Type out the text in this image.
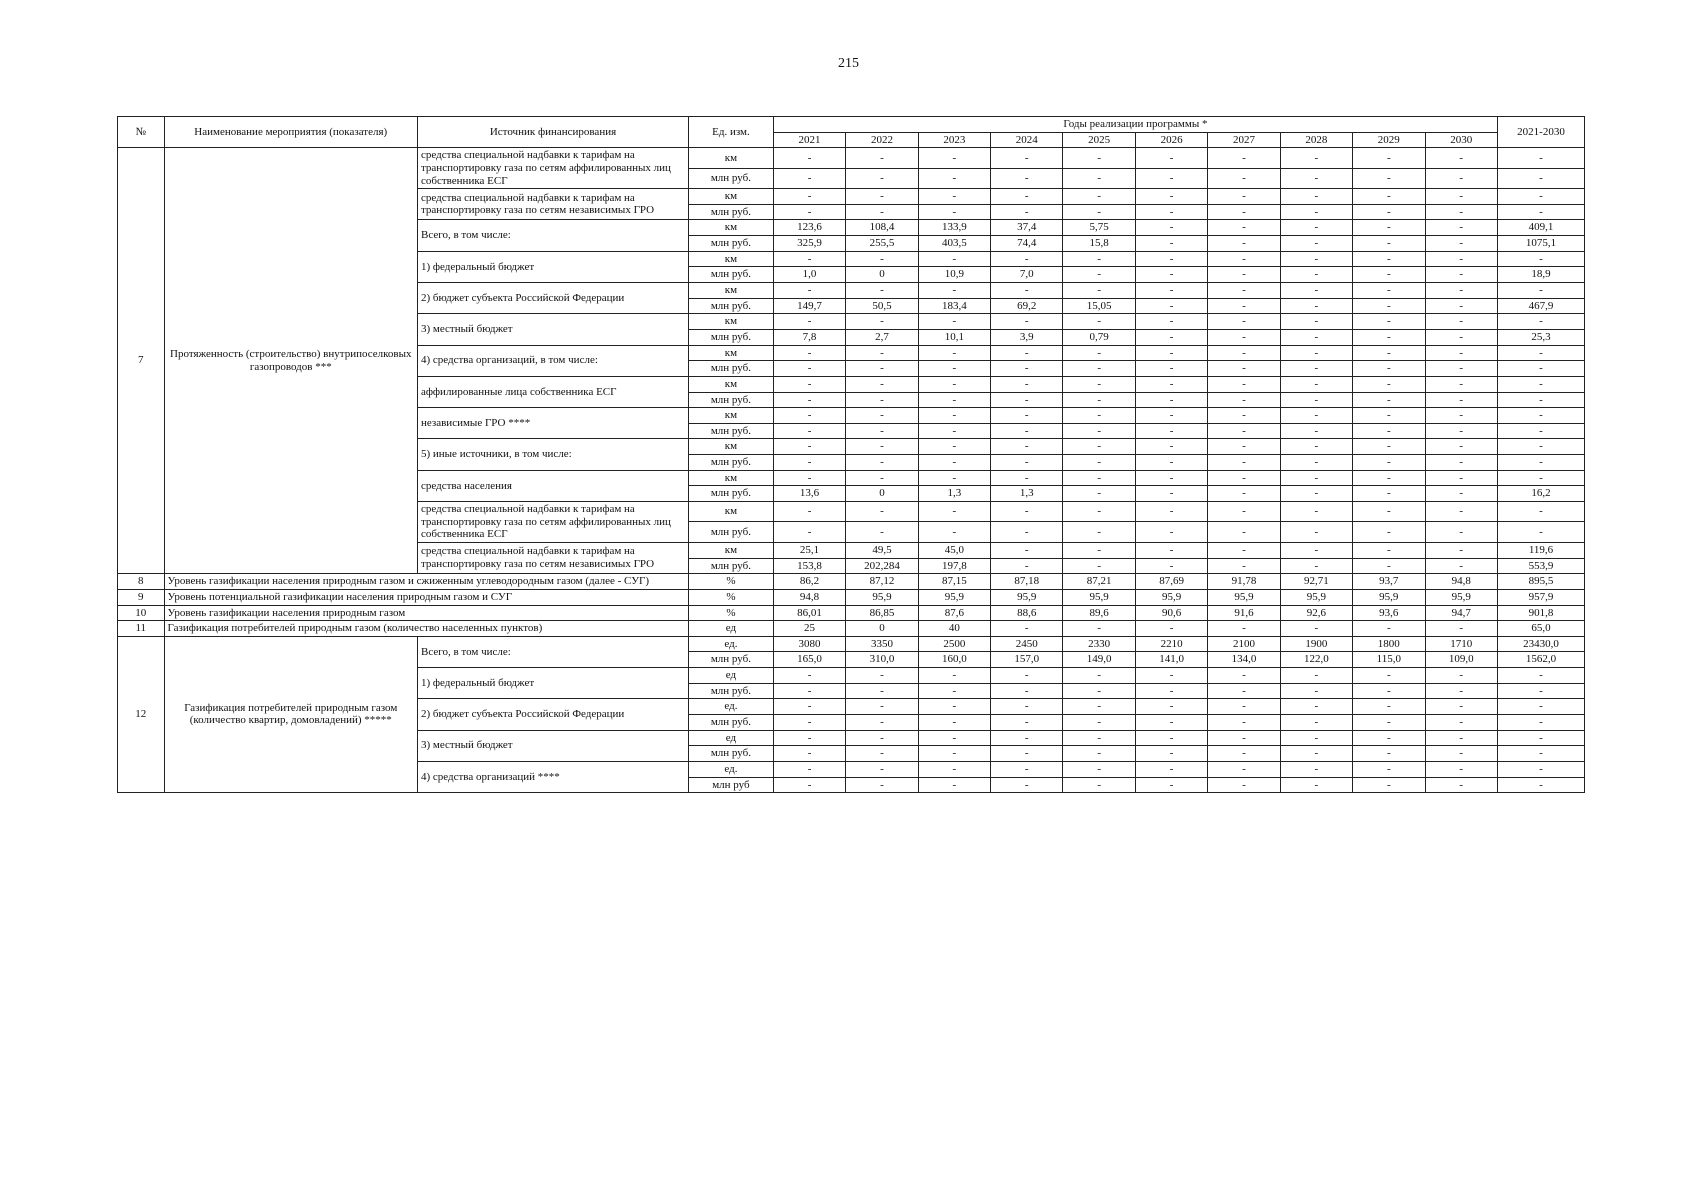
215
№	Наименование мероприятия (показателя)	Источник финансирования	Ед. изм.	Годы реализации программы *										2021-2030
				2021	2022	2023	2024	2025	2026	2027	2028	2029	2030	
7	Протяженность (строительство) внутрипоселковых газопроводов ***	средства специальной надбавки к тарифам на транспортировку газа по сетям аффилированных лиц собственника ЕСГ	км	-	-	-	-	-	-	-	-	-	-	-
			млн руб.	-	-	-	-	-	-	-	-	-	-	-
		средства специальной надбавки к тарифам на транспортировку газа по сетям независимых ГРО	км	-	-	-	-	-	-	-	-	-	-	-
			млн руб.	-	-	-	-	-	-	-	-	-	-	-
		Всего, в том числе:	км	123,6	108,4	133,9	37,4	5,75	-	-	-	-	-	409,1
			млн руб.	325,9	255,5	403,5	74,4	15,8	-	-	-	-	-	1075,1
		1) федеральный бюджет	км	-	-	-	-	-	-	-	-	-	-	-
			млн руб.	1,0	0	10,9	7,0	-	-	-	-	-	-	18,9
		2) бюджет субъекта Российской Федерации	км	-	-	-	-	-	-	-	-	-	-	-
			млн руб.	149,7	50,5	183,4	69,2	15,05	-	-	-	-	-	467,9
		3) местный бюджет	км	-	-	-	-	-	-	-	-	-	-	-
			млн руб.	7,8	2,7	10,1	3,9	0,79	-	-	-	-	-	25,3
		4) средства организаций, в том числе:	км	-	-	-	-	-	-	-	-	-	-	-
			млн руб.	-	-	-	-	-	-	-	-	-	-	-
		аффилированные лица собственника ЕСГ	км	-	-	-	-	-	-	-	-	-	-	-
			млн руб.	-	-	-	-	-	-	-	-	-	-	-
		независимые ГРО ****	км	-	-	-	-	-	-	-	-	-	-	-
			млн руб.	-	-	-	-	-	-	-	-	-	-	-
		5) иные источники, в том числе:	км	-	-	-	-	-	-	-	-	-	-	-
			млн руб.	-	-	-	-	-	-	-	-	-	-	-
		средства населения	км	-	-	-	-	-	-	-	-	-	-	-
			млн руб.	13,6	0	1,3	1,3	-	-	-	-	-	-	16,2
		средства специальной надбавки к тарифам на транспортировку газа по сетям аффилированных лиц собственника ЕСГ	км	-	-	-	-	-	-	-	-	-	-	-
			млн руб.	-	-	-	-	-	-	-	-	-	-	-
		средства специальной надбавки к тарифам на транспортировку газа по сетям независимых ГРО	км	25,1	49,5	45,0	-	-	-	-	-	-	-	119,6
			млн руб.	153,8	202,284	197,8	-	-	-	-	-	-	-	553,9
8	Уровень газификации населения природным газом и сжиженным углеводородным газом (далее - СУГ)		%	86,2	87,12	87,15	87,18	87,21	87,69	91,78	92,71	93,7	94,8	895,5
9	Уровень потенциальной газификации населения природным газом и СУГ		%	94,8	95,9	95,9	95,9	95,9	95,9	95,9	95,9	95,9	95,9	957,9
10	Уровень газификации населения природным газом		%	86,01	86,85	87,6	88,6	89,6	90,6	91,6	92,6	93,6	94,7	901,8
11	Газификация потребителей природным газом (количество населенных пунктов)		ед	25	0	40	-	-	-	-	-	-	-	65,0
12	Газификация потребителей природным газом (количество квартир, домовладений) *****	Всего, в том числе:	ед.	3080	3350	2500	2450	2330	2210	2100	1900	1800	1710	23430,0
			млн руб.	165,0	310,0	160,0	157,0	149,0	141,0	134,0	122,0	115,0	109,0	1562,0
		1) федеральный бюджет	ед	-	-	-	-	-	-	-	-	-	-	-
			млн руб.	-	-	-	-	-	-	-	-	-	-	-
		2) бюджет субъекта Российской Федерации	ед.	-	-	-	-	-	-	-	-	-	-	-
			млн руб.	-	-	-	-	-	-	-	-	-	-	-
		3) местный бюджет	ед	-	-	-	-	-	-	-	-	-	-	-
			млн руб.	-	-	-	-	-	-	-	-	-	-	-
		4) средства организаций ****	ед.	-	-	-	-	-	-	-	-	-	-	-
			млн руб	-	-	-	-	-	-	-	-	-	-	-
